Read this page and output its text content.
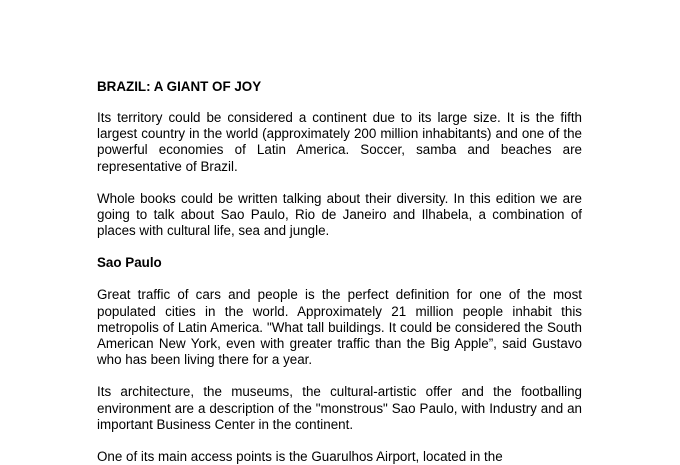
BRAZIL: A GIANT OF JOY

Its territory could be considered a continent due to its large size. It is the fifth largest country in the world (approximately 200 million inhabitants) and one of the powerful economies of Latin America. Soccer, samba and beaches are representative of Brazil.

Whole books could be written talking about their diversity. In this edition we are going to talk about Sao Paulo, Rio de Janeiro and Ilhabela, a combination of places with cultural life, sea and jungle.

Sao Paulo

Great traffic of cars and people is the perfect definition for one of the most populated cities in the world. Approximately 21 million people inhabit this metropolis of Latin America. "What tall buildings. It could be considered the South American New York, even with greater traffic than the Big Apple”, said Gustavo who has been living there for a year.

Its architecture, the museums, the cultural-artistic offer and the footballing environment are a description of the "monstrous" Sao Paulo, with Industry and an important Business Center in the continent.

One of its main access points is the Guarulhos Airport, located in the
